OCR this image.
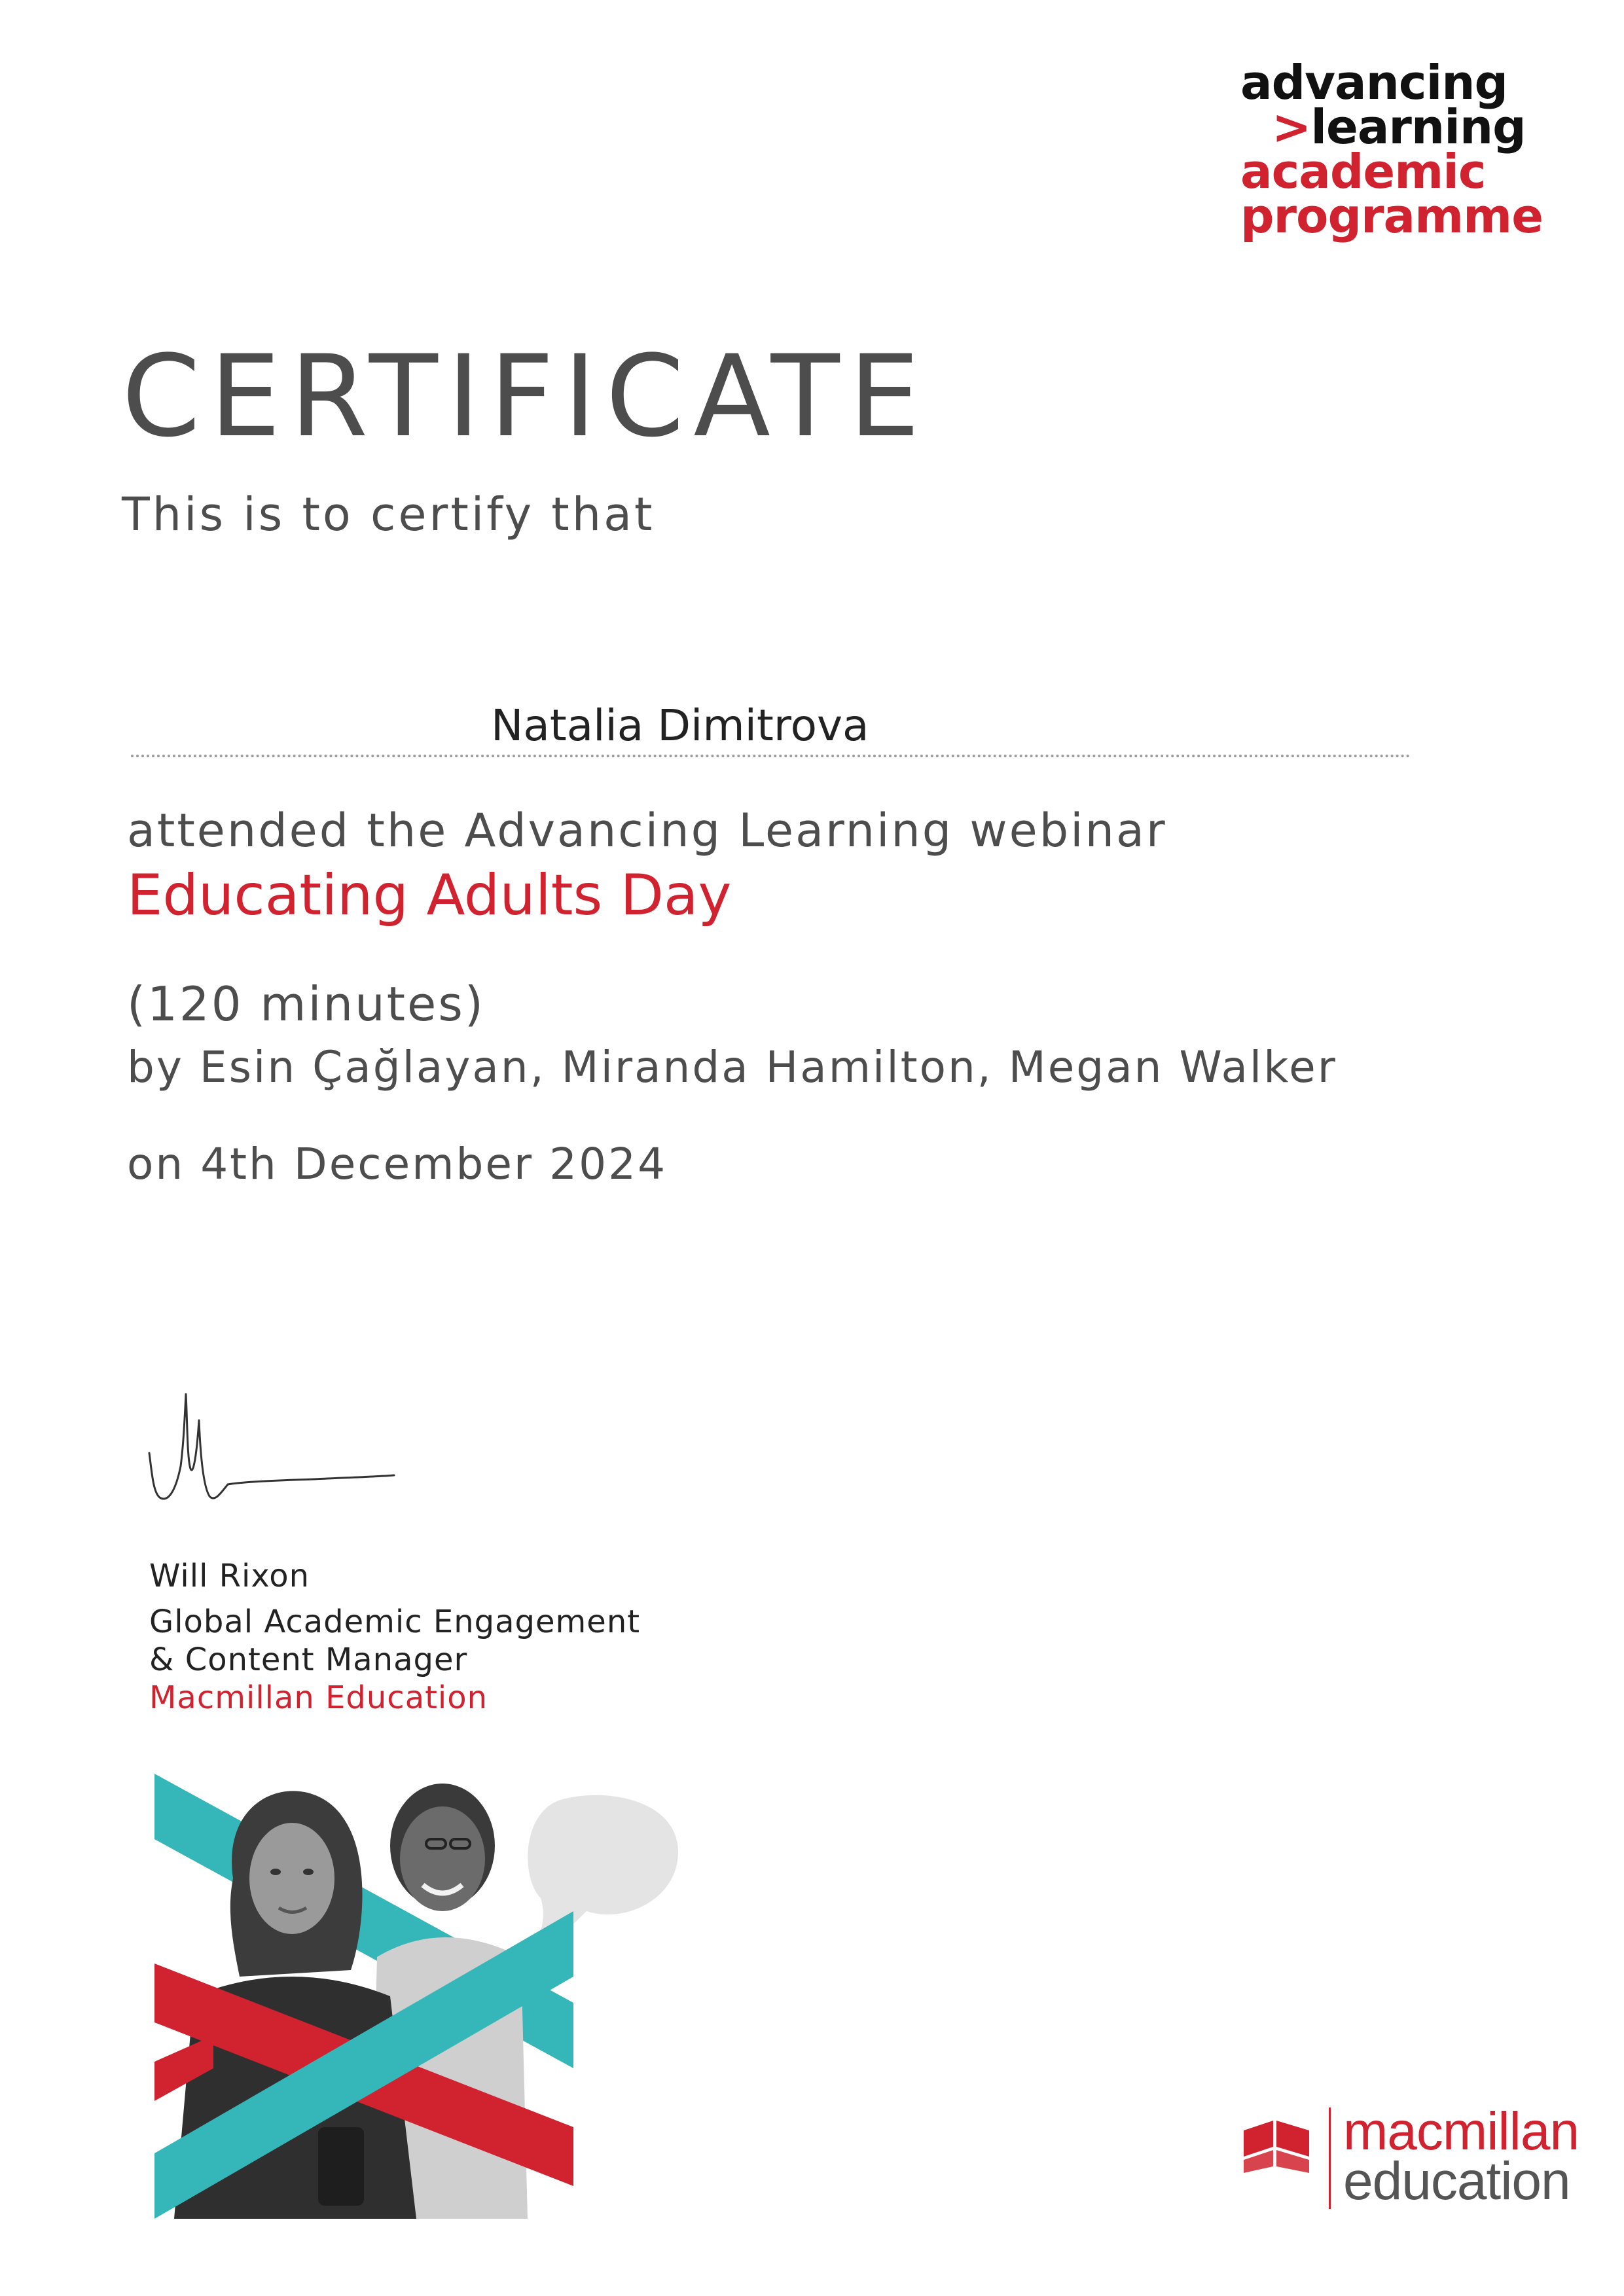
advancing
>learning
academic
programme
CERTIFICATE
This is to certify that
Natalia Dimitrova
attended the Advancing Learning webinar
Educating Adults Day
(120 minutes)
by Esin Çağlayan, Miranda Hamilton, Megan Walker
on 4th December 2024
Will Rixon
Global Academic Engagement
& Content Manager
Macmillan Education
macmillan
education
